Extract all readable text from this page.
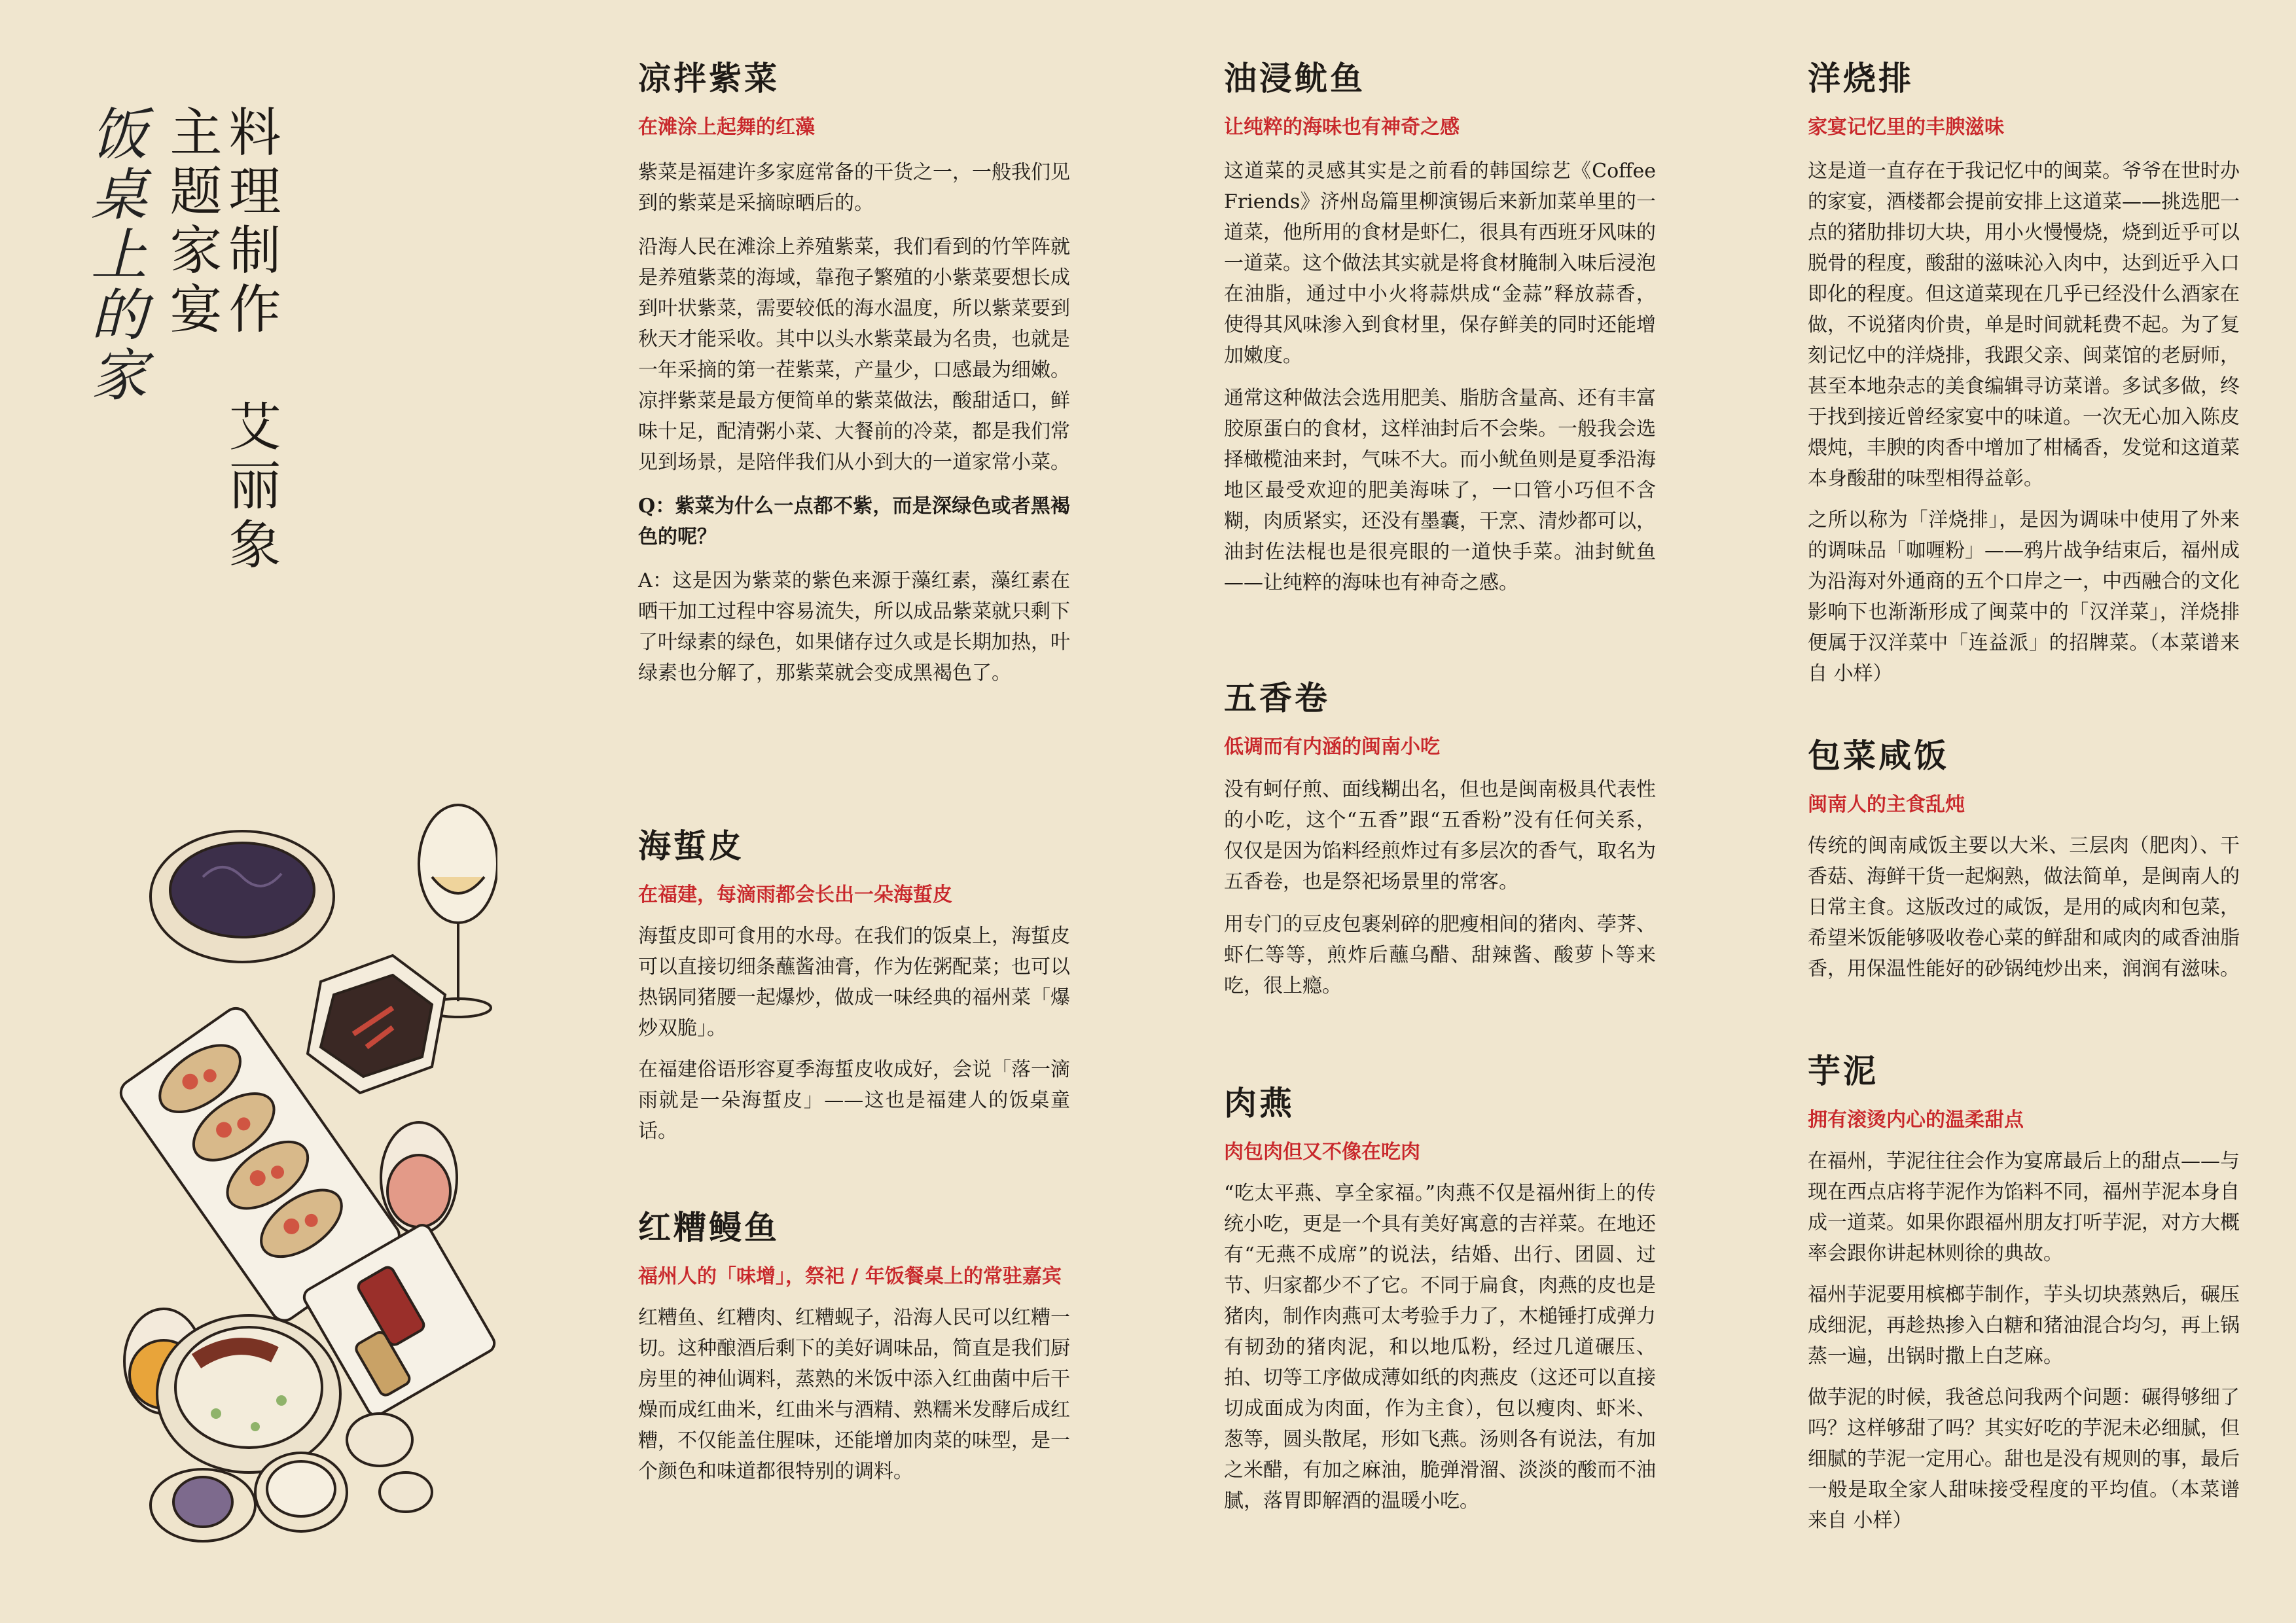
饭桌上的家 主题家宴
料理制作　艾丽象
凉拌紫菜

在滩涂上起舞的红藻

紫菜是福建许多家庭常备的干货之一，一般我们见到的紫菜是采摘晾晒后的。

沿海人民在滩涂上养殖紫菜，我们看到的竹竿阵就是养殖紫菜的海域，靠孢子繁殖的小紫菜要想长成到叶状紫菜，需要较低的海水温度，所以紫菜要到秋天才能采收。其中以头水紫菜最为名贵，也就是一年采摘的第一茬紫菜，产量少，口感最为细嫩。凉拌紫菜是最方便简单的紫菜做法，酸甜适口，鲜味十足，配清粥小菜、大餐前的冷菜，都是我们常见到场景，是陪伴我们从小到大的一道家常小菜。

Q：紫菜为什么一点都不紫，而是深绿色或者黑褐色的呢？

A：这是因为紫菜的紫色来源于藻红素，藻红素在晒干加工过程中容易流失，所以成品紫菜就只剩下了叶绿素的绿色，如果储存过久或是长期加热，叶绿素也分解了，那紫菜就会变成黑褐色了。

海蜇皮

在福建，每滴雨都会长出一朵海蜇皮

海蜇皮即可食用的水母。在我们的饭桌上，海蜇皮可以直接切细条蘸酱油膏，作为佐粥配菜；也可以热锅同猪腰一起爆炒，做成一味经典的福州菜「爆炒双脆」。

在福建俗语形容夏季海蜇皮收成好，会说「落一滴雨就是一朵海蜇皮」——这也是福建人的饭桌童话。

红糟鳗鱼

福州人的「味增」，祭祀 / 年饭餐桌上的常驻嘉宾

红糟鱼、红糟肉、红糟蚬子，沿海人民可以红糟一切。这种酿酒后剩下的美好调味品，简直是我们厨房里的神仙调料，蒸熟的米饭中添入红曲菌中后干燥而成红曲米，红曲米与酒精、熟糯米发酵后成红糟，不仅能盖住腥味，还能增加肉菜的味型，是一个颜色和味道都很特别的调料。

油浸鱿鱼

让纯粹的海味也有神奇之感

这道菜的灵感其实是之前看的韩国综艺《Coffee Friends》济州岛篇里柳演锡后来新加菜单里的一道菜，他所用的食材是虾仁，很具有西班牙风味的一道菜。这个做法其实就是将食材腌制入味后浸泡在油脂，通过中小火将蒜烘成“金蒜”释放蒜香，使得其风味渗入到食材里，保存鲜美的同时还能增加嫩度。

通常这种做法会选用肥美、脂肪含量高、还有丰富胶原蛋白的食材，这样油封后不会柴。一般我会选择橄榄油来封，气味不大。而小鱿鱼则是夏季沿海地区最受欢迎的肥美海味了，一口管小巧但不含糊，肉质紧实，还没有墨囊，干烹、清炒都可以，油封佐法棍也是很亮眼的一道快手菜。油封鱿鱼——让纯粹的海味也有神奇之感。

五香卷

低调而有内涵的闽南小吃

没有蚵仔煎、面线糊出名，但也是闽南极具代表性的小吃，这个“五香”跟“五香粉”没有任何关系，仅仅是因为馅料经煎炸过有多层次的香气，取名为五香卷，也是祭祀场景里的常客。

用专门的豆皮包裹剁碎的肥瘦相间的猪肉、荸荠、虾仁等等，煎炸后蘸乌醋、甜辣酱、酸萝卜等来吃，很上瘾。

肉燕

肉包肉但又不像在吃肉

“吃太平燕、享全家福。”肉燕不仅是福州街上的传统小吃，更是一个具有美好寓意的吉祥菜。在地还有“无燕不成席”的说法，结婚、出行、团圆、过节、归家都少不了它。不同于扁食，肉燕的皮也是猪肉，制作肉燕可太考验手力了，木槌锤打成弹力有韧劲的猪肉泥，和以地瓜粉，经过几道碾压、拍、切等工序做成薄如纸的肉燕皮（这还可以直接切成面成为肉面，作为主食），包以瘦肉、虾米、葱等，圆头散尾，形如飞燕。汤则各有说法，有加之米醋，有加之麻油，脆弹滑溜、淡淡的酸而不油腻，落胃即解酒的温暖小吃。

洋烧排

家宴记忆里的丰腴滋味

这是道一直存在于我记忆中的闽菜。爷爷在世时办的家宴，酒楼都会提前安排上这道菜——挑选肥一点的猪肋排切大块，用小火慢慢烧，烧到近乎可以脱骨的程度，酸甜的滋味沁入肉中，达到近乎入口即化的程度。但这道菜现在几乎已经没什么酒家在做，不说猪肉价贵，单是时间就耗费不起。为了复刻记忆中的洋烧排，我跟父亲、闽菜馆的老厨师，甚至本地杂志的美食编辑寻访菜谱。多试多做，终于找到接近曾经家宴中的味道。一次无心加入陈皮煨炖，丰腴的肉香中增加了柑橘香，发觉和这道菜本身酸甜的味型相得益彰。

之所以称为「洋烧排」，是因为调味中使用了外来的调味品「咖喱粉」——鸦片战争结束后，福州成为沿海对外通商的五个口岸之一，中西融合的文化影响下也渐渐形成了闽菜中的「汉洋菜」，洋烧排便属于汉洋菜中「连益派」的招牌菜。（本菜谱来自 小样）

包菜咸饭

闽南人的主食乱炖

传统的闽南咸饭主要以大米、三层肉（肥肉）、干香菇、海鲜干货一起焖熟，做法简单，是闽南人的日常主食。这版改过的咸饭，是用的咸肉和包菜，希望米饭能够吸收卷心菜的鲜甜和咸肉的咸香油脂香，用保温性能好的砂锅纯炒出来，润润有滋味。

芋泥

拥有滚烫内心的温柔甜点

在福州，芋泥往往会作为宴席最后上的甜点——与现在西点店将芋泥作为馅料不同，福州芋泥本身自成一道菜。如果你跟福州朋友打听芋泥，对方大概率会跟你讲起林则徐的典故。

福州芋泥要用槟榔芋制作，芋头切块蒸熟后，碾压成细泥，再趁热掺入白糖和猪油混合均匀，再上锅蒸一遍，出锅时撒上白芝麻。

做芋泥的时候，我爸总问我两个问题：碾得够细了吗？这样够甜了吗？其实好吃的芋泥未必细腻，但细腻的芋泥一定用心。甜也是没有规则的事，最后一般是取全家人甜味接受程度的平均值。（本菜谱来自 小样）
